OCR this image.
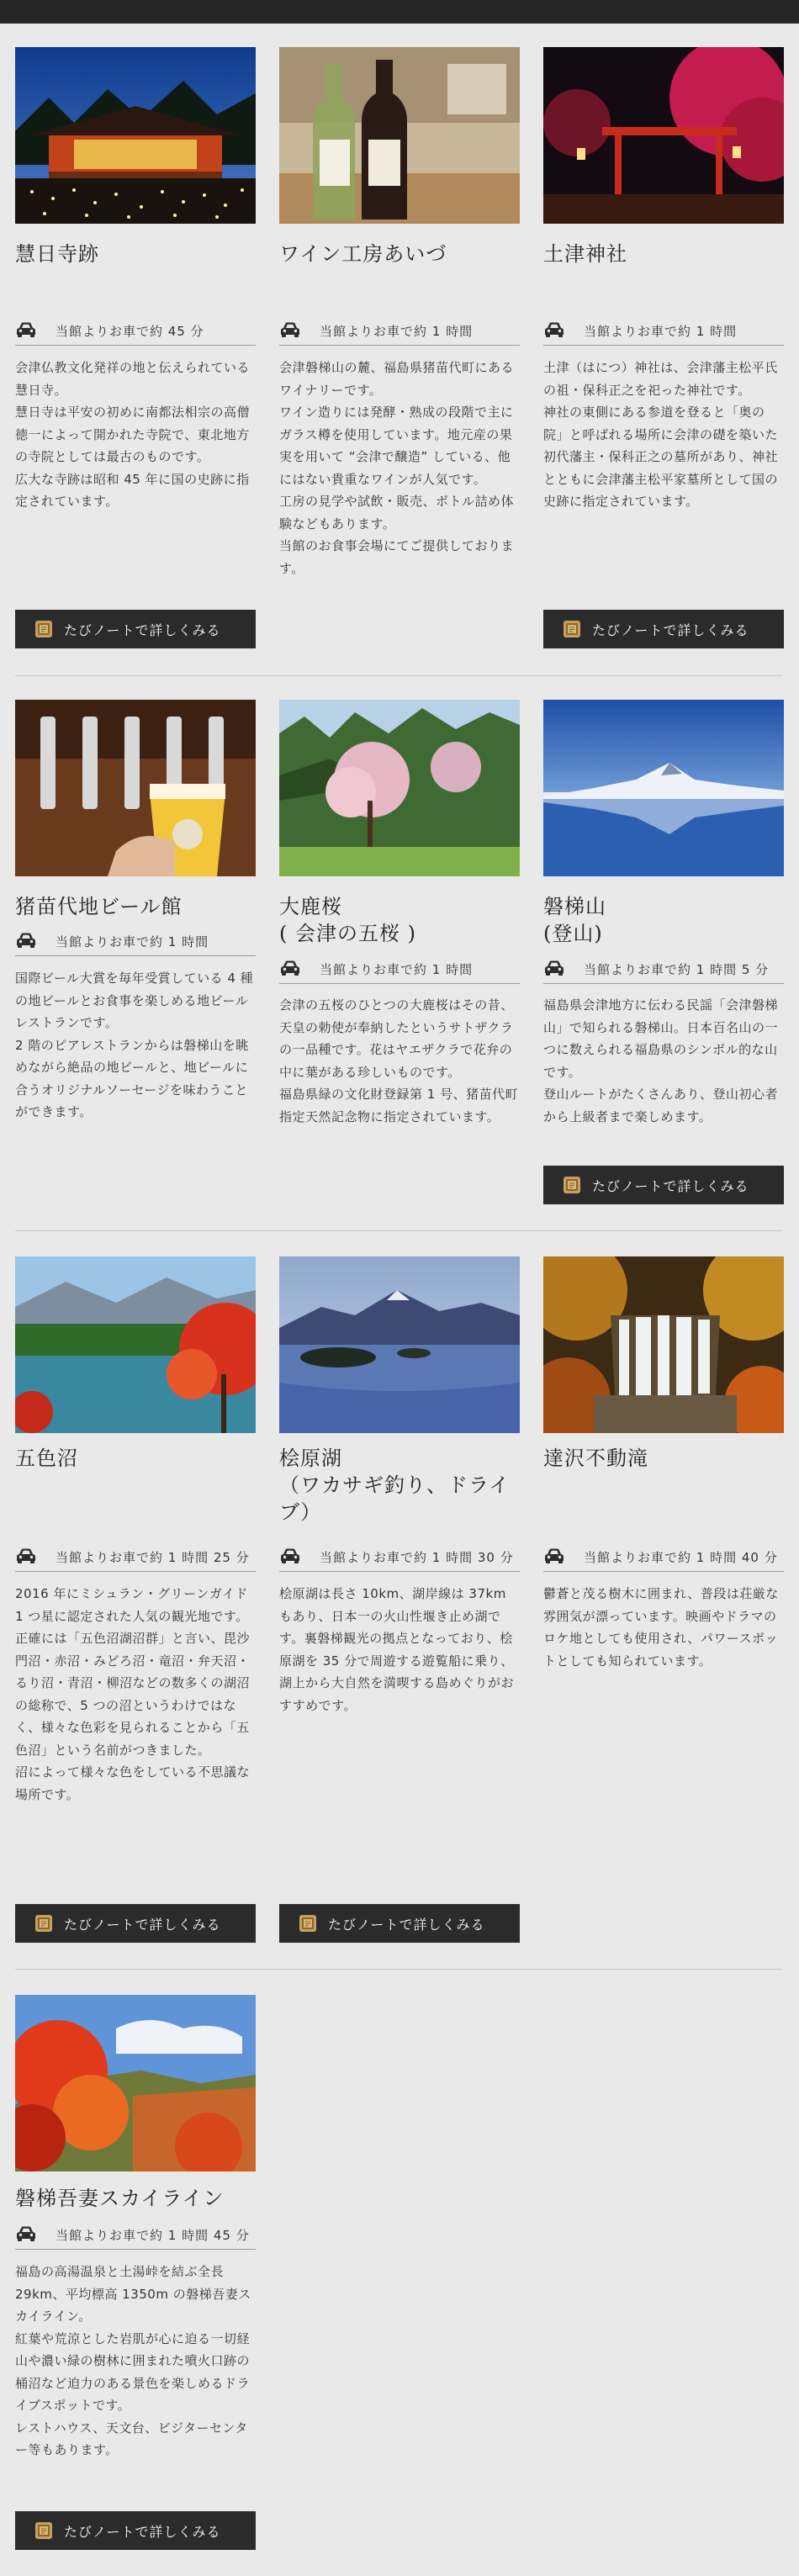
慧日寺跡
当館よりお車で約 45 分

会津仏教文化発祥の地と伝えられている慧日寺。

慧日寺は平安の初めに南都法相宗の高僧徳一によって開かれた寺院で、東北地方の寺院としては最古のものです。

広大な寺跡は昭和 45 年に国の史跡に指定されています。

たびノートで詳しくみる
ワイン工房あいづ
当館よりお車で約 1 時間

会津磐梯山の麓、福島県猪苗代町にあるワイナリーです。

ワイン造りには発酵・熟成の段階で主にガラス樽を使用しています。地元産の果実を用いて “会津で醸造” している、他にはない貴重なワインが人気です。

工房の見学や試飲・販売、ボトル詰め体験などもあります。

当館のお食事会場にてご提供しております。

土津神社
当館よりお車で約 1 時間

土津（はにつ）神社は、会津藩主松平氏の祖・保科正之を祀った神社です。

神社の東側にある参道を登ると「奥の院」と呼ばれる場所に会津の礎を築いた初代藩主・保科正之の墓所があり、神社とともに会津藩主松平家墓所として国の史跡に指定されています。

たびノートで詳しくみる
猪苗代地ビール館
当館よりお車で約 1 時間

国際ビール大賞を毎年受賞している 4 種の地ビールとお食事を楽しめる地ビールレストランです。

2 階のピアレストランからは磐梯山を眺めながら絶品の地ビールと、地ビールに合うオリジナルソーセージを味わうことができます。

大鹿桜
( 会津の五桜 )
当館よりお車で約 1 時間

会津の五桜のひとつの大鹿桜はその昔、天皇の勅使が奉納したというサトザクラの一品種です。花はヤエザクラで花弁の中に葉がある珍しいものです。

福島県緑の文化財登録第 1 号、猪苗代町指定天然記念物に指定されています。

磐梯山
(登山)
当館よりお車で約 1 時間 5 分

福島県会津地方に伝わる民謡「会津磐梯山」で知られる磐梯山。日本百名山の一つに数えられる福島県のシンボル的な山です。

登山ルートがたくさんあり、登山初心者から上級者まで楽しめます。

たびノートで詳しくみる
五色沼
当館よりお車で約 1 時間 25 分

2016 年にミシュラン・グリーンガイド 1 つ星に認定された人気の観光地です。

正確には「五色沼湖沼群」と言い、毘沙門沼・赤沼・みどろ沼・竜沼・弁天沼・るり沼・青沼・柳沼などの数多くの湖沼の総称で、5 つの沼というわけではなく、様々な色彩を見られることから「五色沼」という名前がつきました。

沼によって様々な色をしている不思議な場所です。

たびノートで詳しくみる
桧原湖
（ワカサギ釣り、ドライブ）
当館よりお車で約 1 時間 30 分

桧原湖は長さ 10km、湖岸線は 37km もあり、日本一の火山性堰き止め湖です。裏磐梯観光の拠点となっており、桧原湖を 35 分で周遊する遊覧船に乗り、湖上から大自然を満喫する島めぐりがおすすめです。

たびノートで詳しくみる
達沢不動滝
当館よりお車で約 1 時間 40 分

鬱蒼と茂る樹木に囲まれ、普段は荘厳な雰囲気が漂っています。映画やドラマのロケ地としても使用され、パワースポットとしても知られています。

磐梯吾妻スカイライン
当館よりお車で約 1 時間 45 分

福島の高湯温泉と土湯峠を結ぶ全長 29km、平均標高 1350m の磐梯吾妻スカイライン。

紅葉や荒涼とした岩肌が心に迫る一切経山や濃い緑の樹林に囲まれた噴火口跡の桶沼など迫力のある景色を楽しめるドライブスポットです。

レストハウス、天文台、ビジターセンター等もあります。

たびノートで詳しくみる
